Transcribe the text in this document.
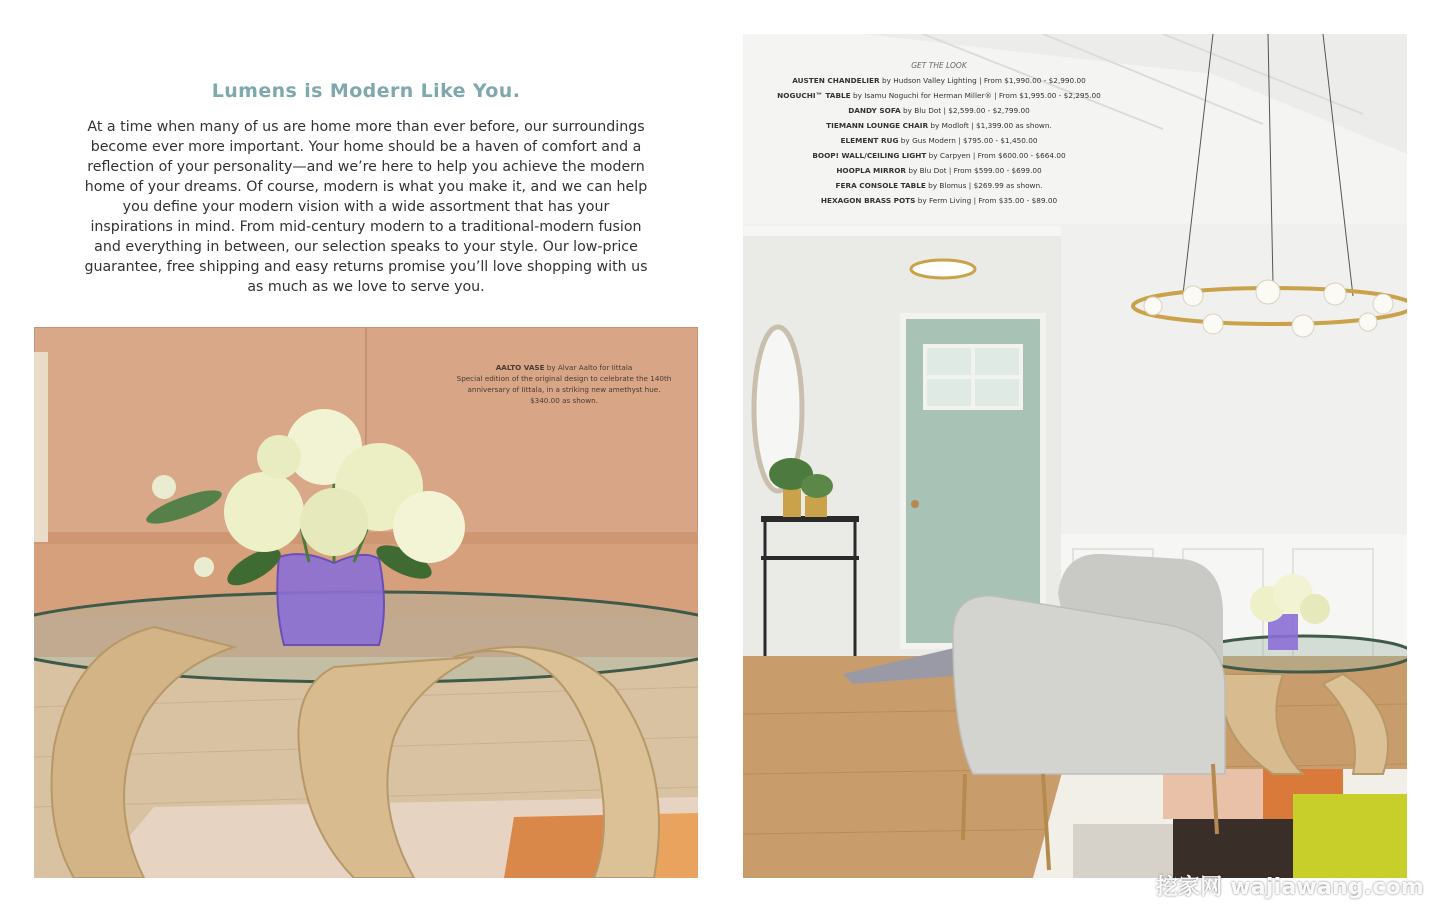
Lumens is Modern Like You.

At a time when many of us are home more than ever before, our surroundings become ever more important. Your home should be a haven of comfort and a reflection of your personality—and we’re here to help you achieve the modern home of your dreams. Of course, modern is what you make it, and we can help you define your modern vision with a wide assortment that has your inspirations in mind. From mid-century modern to a traditional-modern fusion and everything in between, our selection speaks to your style. Our low-price guarantee, free shipping and easy returns promise you’ll love shopping with us as much as we love to serve you.

AALTO VASE by Alvar Aalto for Iittala
Special edition of the original design to celebrate the 140th anniversary of Iittala, in a striking new amethyst hue.
$340.00 as shown.
GET THE LOOK
AUSTEN CHANDELIER by Hudson Valley Lighting | From $1,990.00 - $2,990.00
NOGUCHI™ TABLE by Isamu Noguchi for Herman Miller® | From $1,995.00 - $2,295.00
DANDY SOFA by Blu Dot | $2,599.00 - $2,799.00
TIEMANN LOUNGE CHAIR by Modloft | $1,399.00 as shown.
ELEMENT RUG by Gus Modern | $795.00 - $1,450.00
BOOP! WALL/CEILING LIGHT by Carpyen | From $600.00 - $664.00
HOOPLA MIRROR by Blu Dot | From $599.00 - $699.00
FERA CONSOLE TABLE by Blomus | $269.99 as shown.
HEXAGON BRASS POTS by Ferm Living | From $35.00 - $89.00
挖家网 wajiawang.com
